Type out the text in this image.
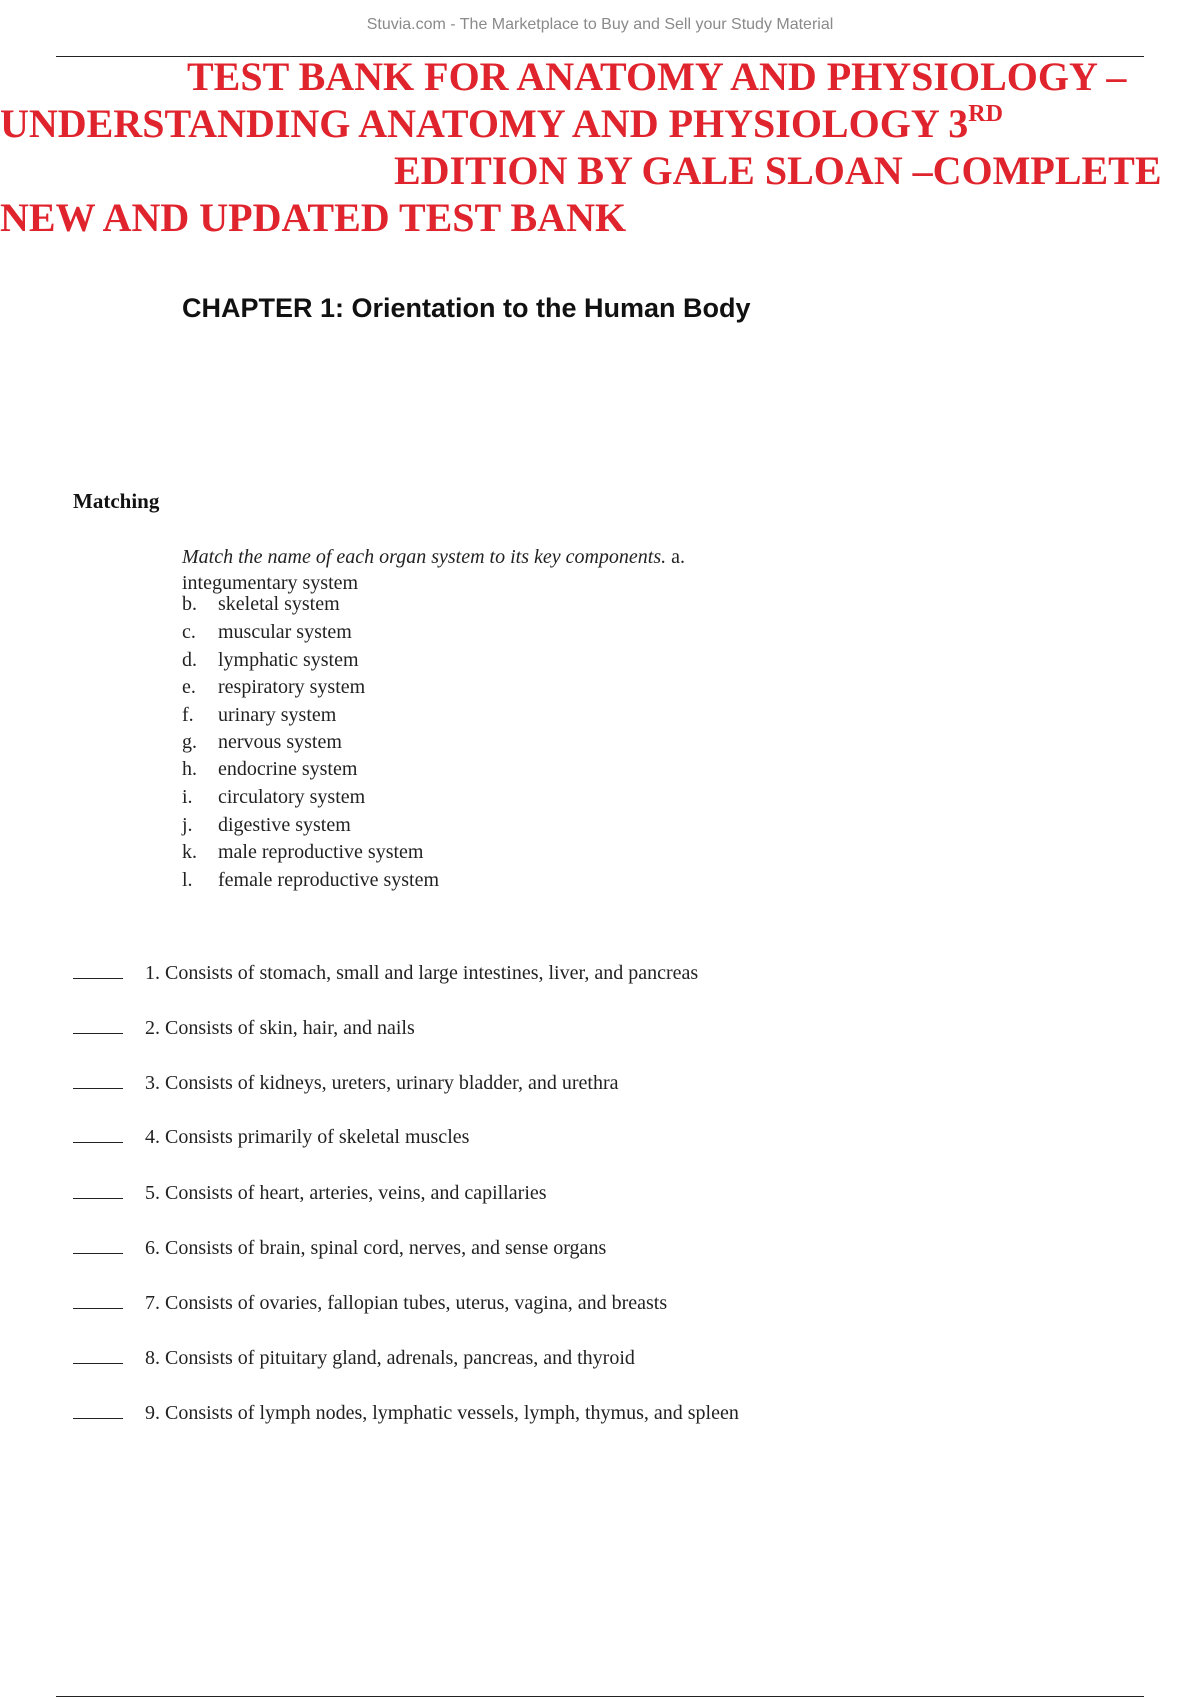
Stuvia.com - The Marketplace to Buy and Sell your Study Material
TEST BANK FOR ANATOMY AND PHYSIOLOGY –
UNDERSTANDING ANATOMY AND PHYSIOLOGY 3RD
EDITION BY GALE SLOAN –COMPLETE
NEW AND UPDATED TEST BANK
CHAPTER 1: Orientation to the Human Body
Matching
Match the name of each organ system to its key components. a.
integumentary system
b. skeletal system
c. muscular system
d. lymphatic system
e. respiratory system
f. urinary system
g. nervous system
h. endocrine system
i. circulatory system
j. digestive system
k. male reproductive system
l. female reproductive system
1. Consists of stomach, small and large intestines, liver, and pancreas
2. Consists of skin, hair, and nails
3. Consists of kidneys, ureters, urinary bladder, and urethra
4. Consists primarily of skeletal muscles
5. Consists of heart, arteries, veins, and capillaries
6. Consists of brain, spinal cord, nerves, and sense organs
7. Consists of ovaries, fallopian tubes, uterus, vagina, and breasts
8. Consists of pituitary gland, adrenals, pancreas, and thyroid
9. Consists of lymph nodes, lymphatic vessels, lymph, thymus, and spleen
